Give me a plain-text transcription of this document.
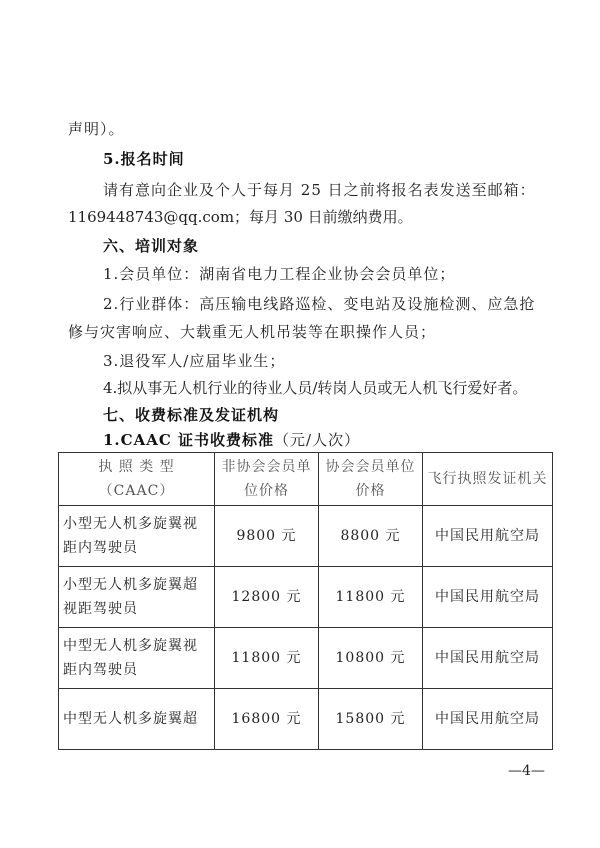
声明）。
5.报名时间
请有意向企业及个人于每月 25 日之前将报名表发送至邮箱：
1169448743@qq.com；每月 30 日前缴纳费用。
六、培训对象
1.会员单位：湖南省电力工程企业协会会员单位；
2.行业群体：高压输电线路巡检、变电站及设施检测、应急抢
修与灾害响应、大载重无人机吊装等在职操作人员；
3.退役军人/应届毕业生；
4.拟从事无人机行业的待业人员/转岗人员或无人机飞行爱好者。
七、收费标准及发证机构
1.CAAC 证书收费标准（元/人次）
执 照 类 型 （CAAC）	非协会会员单位价格	协会会员单位价格	飞行执照发证机关
小型无人机多旋翼视距内驾驶员	9800 元	8800 元	中国民用航空局
小型无人机多旋翼超视距驾驶员	12800 元	11800 元	中国民用航空局
中型无人机多旋翼视距内驾驶员	11800 元	10800 元	中国民用航空局
中型无人机多旋翼超	16800 元	15800 元	中国民用航空局
—4—
